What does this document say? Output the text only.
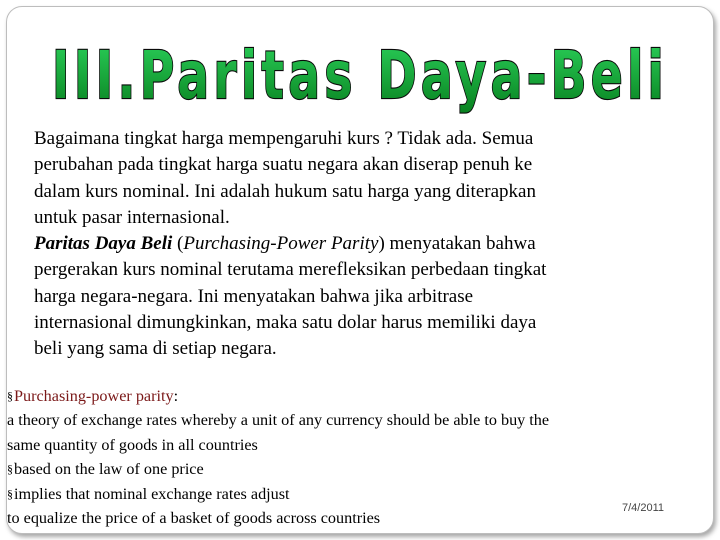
III.Paritas Daya-Beli

Bagaimana tingkat harga mempengaruhi kurs ? Tidak ada. Semua
perubahan pada tingkat harga suatu negara akan diserap penuh ke
dalam kurs nominal. Ini adalah hukum satu harga yang diterapkan
untuk pasar internasional.

Paritas Daya Beli (Purchasing-Power Parity) menyatakan bahwa
pergerakan kurs nominal terutama merefleksikan perbedaan tingkat
harga negara-negara. Ini menyatakan bahwa jika arbitrase
internasional dimungkinkan, maka satu dolar harus memiliki daya
beli yang sama di setiap negara.

§Purchasing-power parity:
a theory of exchange rates whereby a unit of any currency should be able to buy the
same quantity of goods in all countries
§based on the law of one price
§implies that nominal exchange rates adjust
to equalize the price of a basket of goods across countries
7/4/2011
